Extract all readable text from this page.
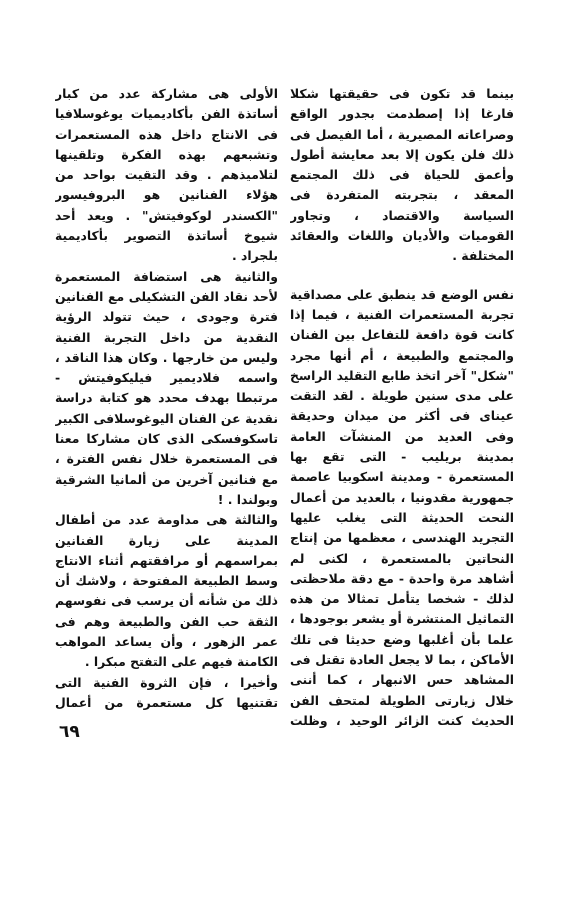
بينما قد تكون فى حقيقتها شكلا فارغا إذا إصطدمت بجدور الواقع وصراعاته المصيرية ، أما الفيصل فى ذلك فلن يكون إلا بعد معايشة أطول وأعمق للحياة فى ذلك المجتمع المعقد ، بتجربته المتفردة فى السياسة والاقتصاد ، وتجاور القوميات والأديان واللغات والعقائد المختلفة .

نفس الوضع قد ينطبق على مصداقية تجربة المستعمرات الفنية ، فيما إذا كانت قوة دافعة للتفاعل بين الفنان والمجتمع والطبيعة ، أم أنها مجرد "شكل" آخر اتخذ طابع التقليد الراسخ على مدى سنين طويلة . لقد التقت عيناى فى أكثر من ميدان وحديقة وفى العديد من المنشآت العامة بمدينة بريليب - التى تقع بها المستعمرة - ومدينة اسكوبيا عاصمة جمهورية مقدونيا ، بالعديد من أعمال النحت الحديثة التى يغلب عليها التجريد الهندسى ، معظمها من إنتاج النحاتين بالمستعمرة ، لكنى لم أشاهد مرة واحدة - مع دقة ملاحظتى لذلك - شخصا يتأمل تمثالا من هذه التماثيل المنتشرة أو يشعر بوجودها ، علما بأن أغلبها وضع حديثا فى تلك الأماكن ، بما لا يجعل العادة تقتل فى المشاهد حس الانبهار ، كما أننى خلال زيارتى الطويلة لمتحف الفن الحديث كنت الزائر الوحيد ، وظلت

الأولى هى مشاركة عدد من كبار أساتذة الفن بأكاديميات يوغوسلافيا فى الانتاج داخل هذه المستعمرات وتشبعهم بهذه الفكرة وتلقينها لتلاميذهم . وقد التقيت بواحد من هؤلاء الفنانين هو البروفيسور "الكسندر لوكوفيتش" . ويعد أحد شيوخ أساتذة التصوير بأكاديمية بلجراد .

والثانية هى استضافة المستعمرة لأحد نقاد الفن التشكيلى مع الفنانين فترة وجودى ، حيث تتولد الرؤية النقدية من داخل التجربة الفنية وليس من خارجها . وكان هذا الناقد ، واسمه فلاديمير فيليكوفيتش - مرتبطا بهدف محدد هو كتابة دراسة نقدية عن الفنان اليوغوسلافى الكبير تاسكوفسكى الذى كان مشاركا معنا فى المستعمرة خلال نفس الفترة ، مع فنانين آخرين من ألمانيا الشرقية وبولندا . !

والثالثة هى مداومة عدد من أطفال المدينة على زيارة الفنانين بمراسمهم أو مرافقتهم أثناء الانتاج وسط الطبيعة المفتوحة ، ولاشك أن ذلك من شأنه أن يرسب فى نفوسهم الثقة حب الفن والطبيعة وهم فى عمر الزهور ، وأن يساعد المواهب الكامنة فيهم على التفتح مبكرا .

وأخيرا ، فإن الثروة الفنية التى تقتنيها كل مستعمرة من أعمال

٦٩
